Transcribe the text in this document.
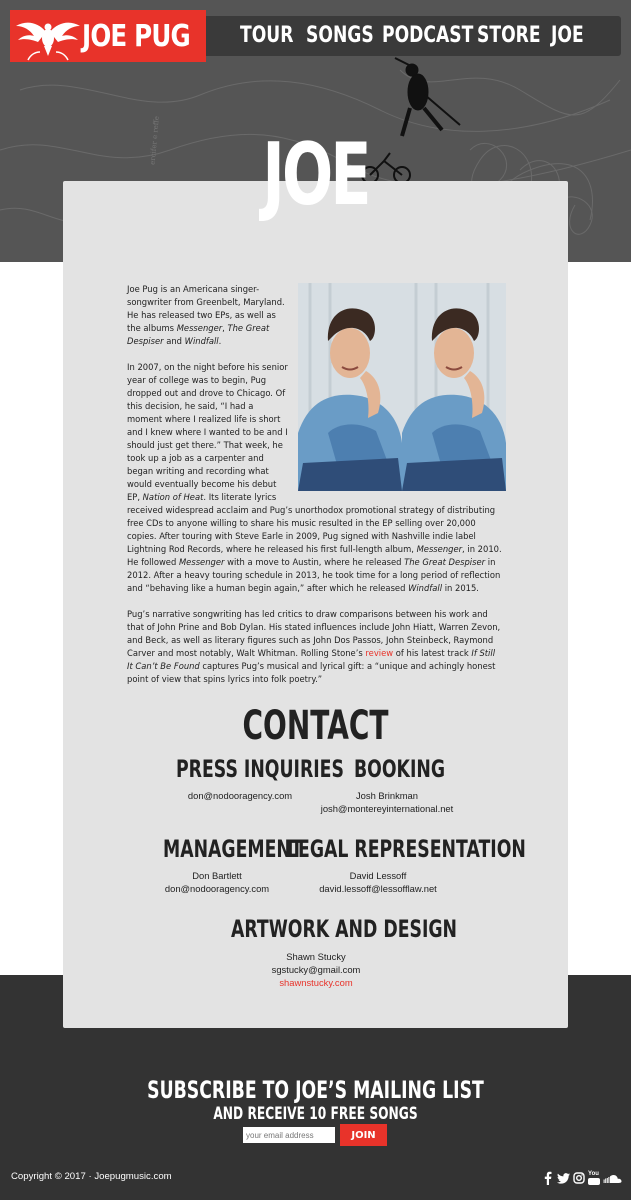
ercifer e reffe
JOE PUG TOUR SONGS PODCAST STORE JOE
JOE

Joe Pug is an Americana singer-songwriter from Greenbelt, Maryland. He has released two EPs, as well as the albums Messenger, The Great Despiser and Windfall.

In 2007, on the night before his senior year of college was to begin, Pug dropped out and drove to Chicago. Of this decision, he said, “I had a moment where I realized life is short and I knew where I wanted to be and I should just get there.” That week, he took up a job as a carpenter and began writing and recording what would eventually become his debut EP, Nation of Heat. Its literate lyrics received widespread acclaim and Pug’s unorthodox promotional strategy of distributing free CDs to anyone willing to share his music resulted in the EP selling over 20,000 copies. After touring with Steve Earle in 2009, Pug signed with Nashville indie label Lightning Rod Records, where he released his first full-length album, Messenger, in 2010. He followed Messenger with a move to Austin, where he released The Great Despiser in 2012. After a heavy touring schedule in 2013, he took time for a long period of reflection and “behaving like a human begin again,” after which he released Windfall in 2015.

Pug’s narrative songwriting has led critics to draw comparisons between his work and that of John Prine and Bob Dylan. His stated influences include John Hiatt, Warren Zevon, and Beck, as well as literary figures such as John Dos Passos, John Steinbeck, Raymond Carver and most notably, Walt Whitman. Rolling Stone’s review of his latest track If Still It Can’t Be Found captures Pug’s musical and lyrical gift: a “unique and achingly honest point of view that spins lyrics into folk poetry.”

CONTACT
PRESS INQUIRIES
don@nodooragency.com
BOOKING
Josh Brinkman
josh@montereyinternational.net
MANAGEMENT
Don Bartlett
don@nodooragency.com
LEGAL REPRESENTATION
David Lessoff
david.lessoff@lessofflaw.net
ARTWORK AND DESIGN
Shawn Stucky
sgstucky@gmail.com
shawnstucky.com
SUBSCRIBE TO JOE’S MAILING LIST
AND RECEIVE 10 FREE SONGS
your email address
JOIN
Copyright © 2017 · Joepugmusic.com	You
